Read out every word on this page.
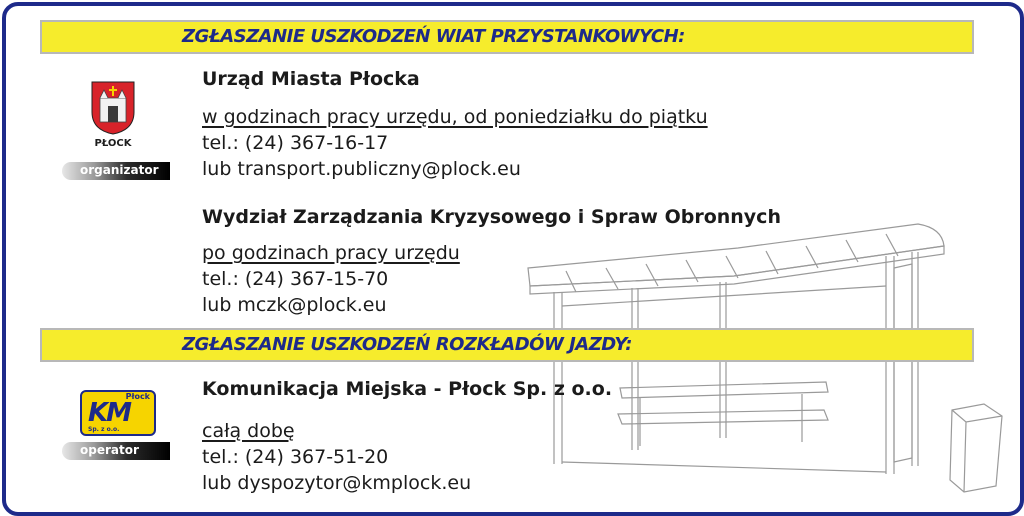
ZGŁASZANIE USZKODZEŃ WIAT PRZYSTANKOWYCH:
PŁOCK
organizator
Urząd Miasta Płocka
w godzinach pracy urzędu, od poniedziałku do piątku
tel.: (24) 367-16-17
lub transport.publiczny@plock.eu
Wydział Zarządzania Kryzysowego i Spraw Obronnych
po godzinach pracy urzędu
tel.: (24) 367-15-70
lub mczk@plock.eu
ZGŁASZANIE USZKODZEŃ ROZKŁADÓW JAZDY:
Płock
KM
Sp. z o.o.
operator
Komunikacja Miejska - Płock Sp. z o.o.
całą dobę
tel.: (24) 367-51-20
lub dyspozytor@kmplock.eu
